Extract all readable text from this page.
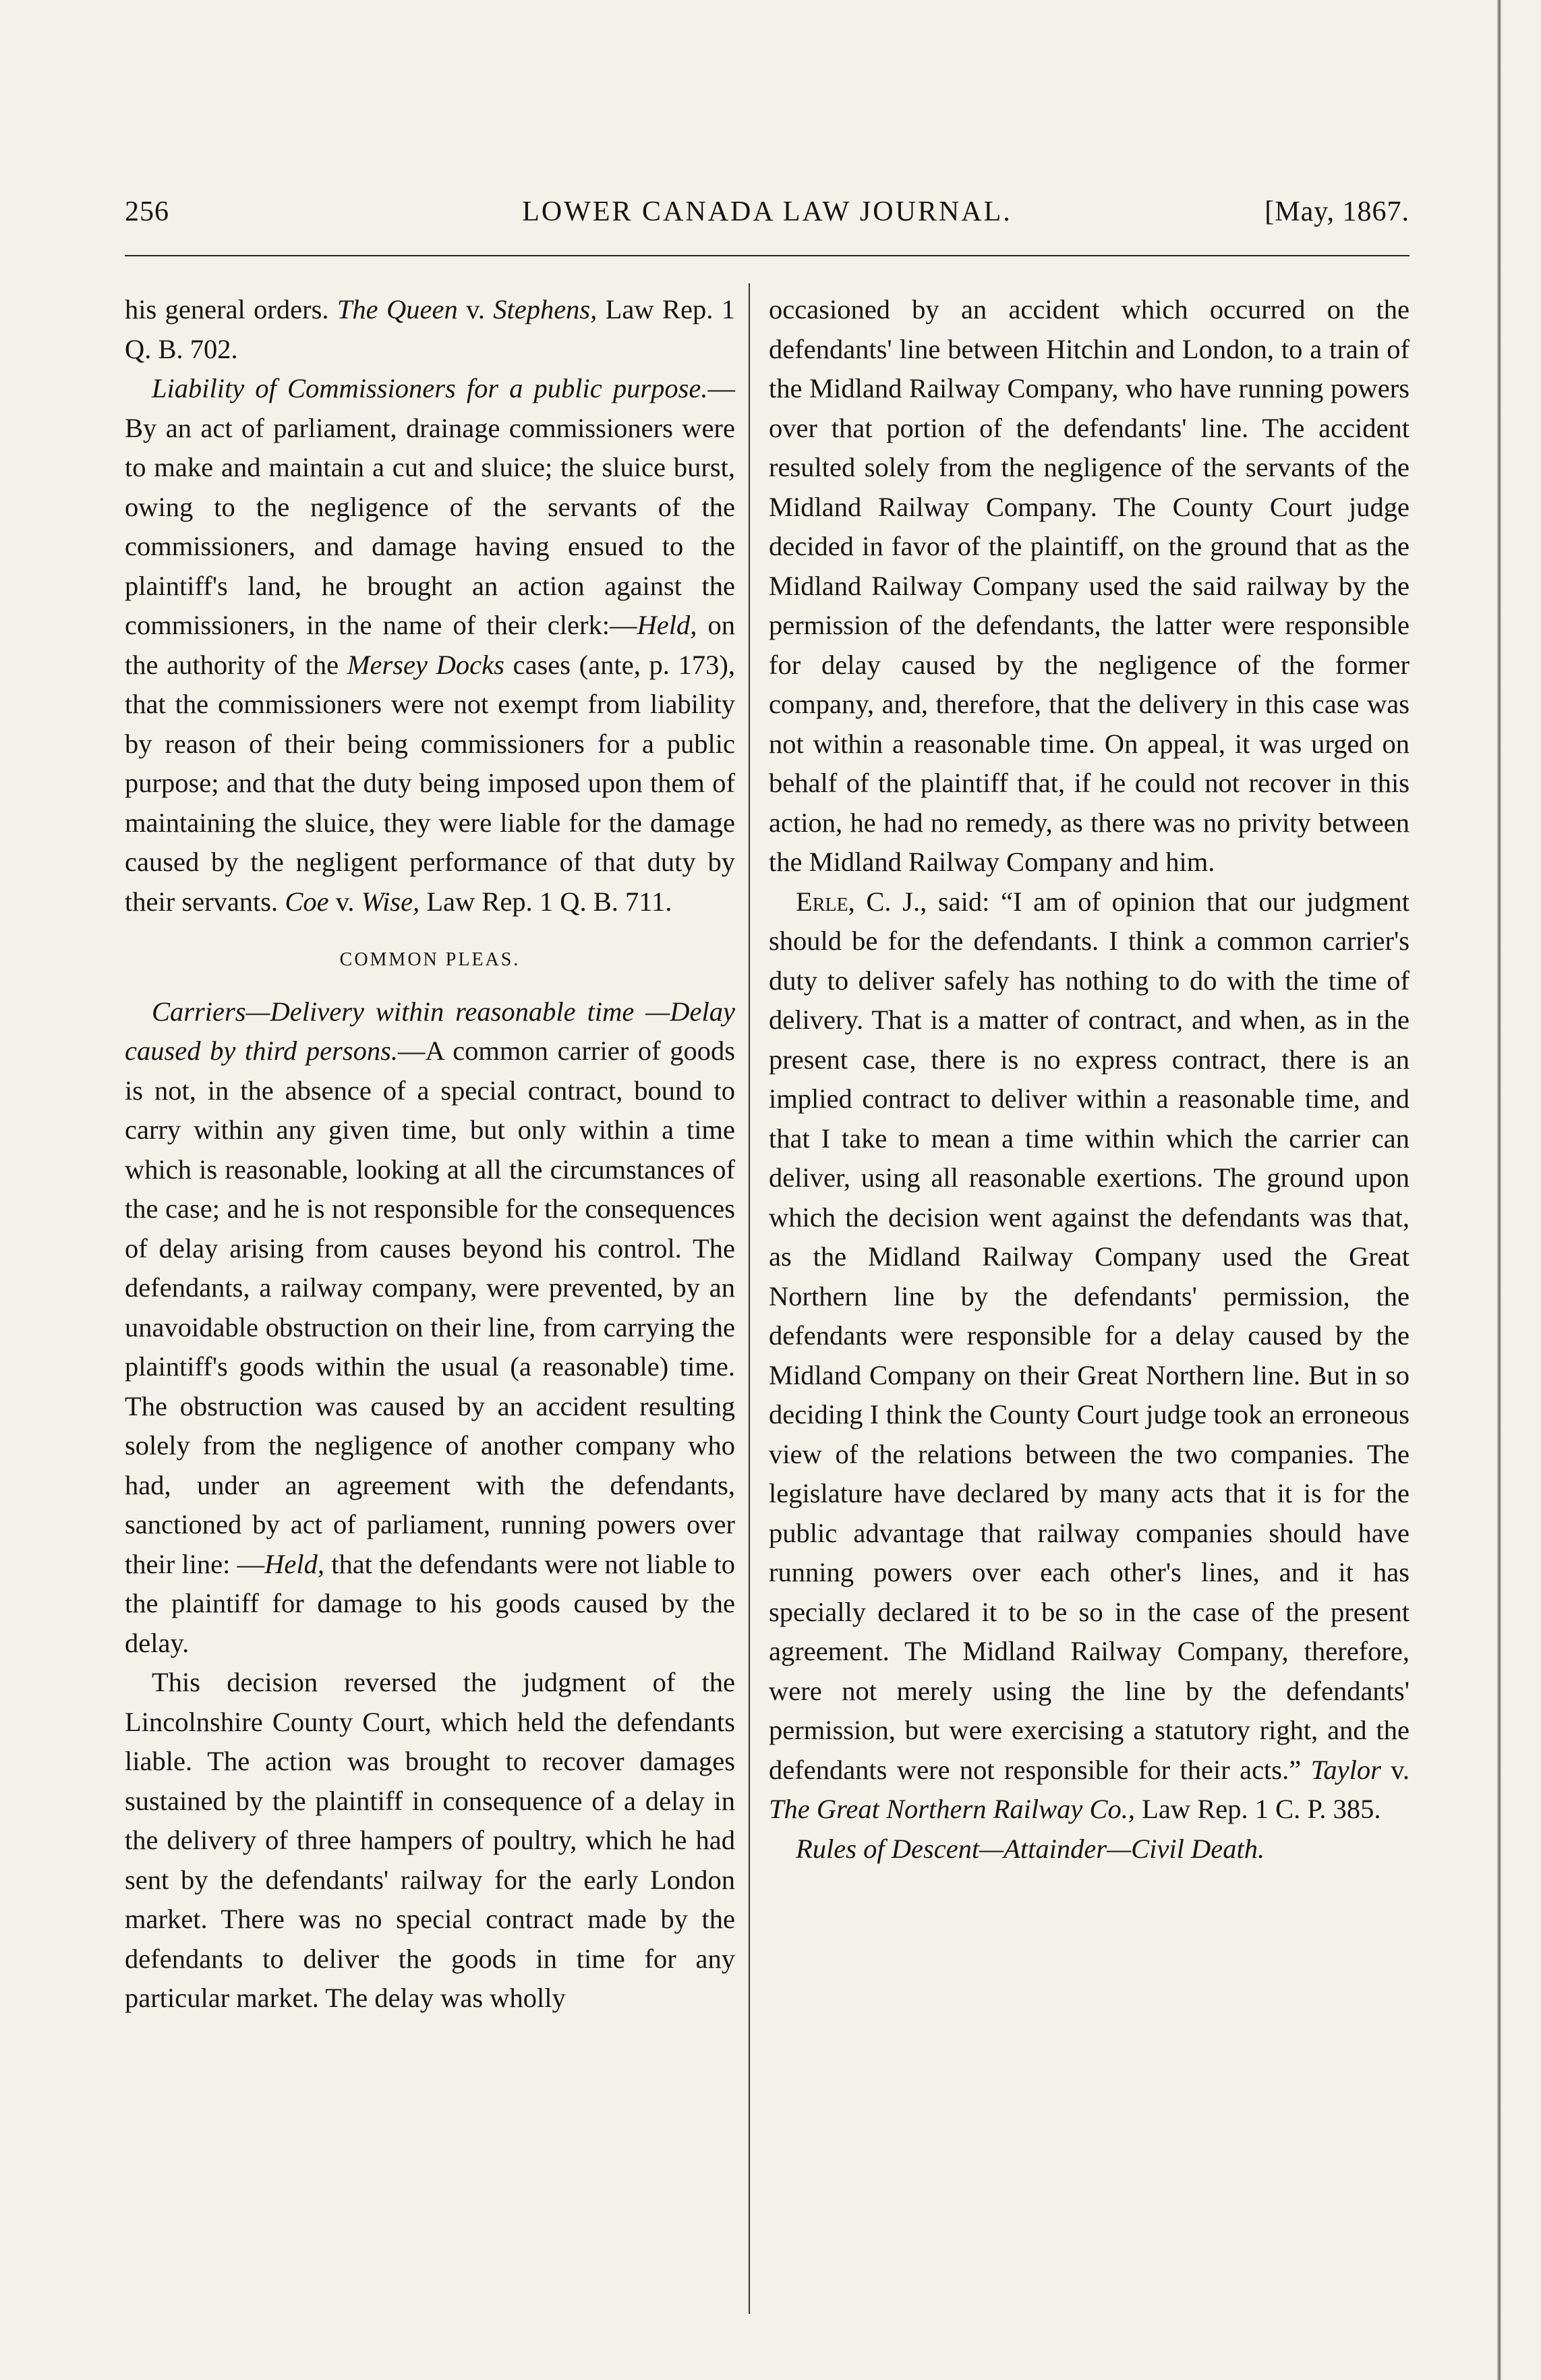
256	LOWER CANADA LAW JOURNAL.	[May, 1867.

his general orders. The Queen v. Stephens, Law Rep. 1 Q. B. 702.

Liability of Commissioners for a public purpose.—By an act of parliament, drainage commissioners were to make and maintain a cut and sluice; the sluice burst, owing to the negligence of the servants of the commissioners, and damage having ensued to the plaintiff's land, he brought an action against the commissioners, in the name of their clerk:—Held, on the authority of the Mersey Docks cases (ante, p. 173), that the commissioners were not exempt from liability by reason of their being commissioners for a public purpose; and that the duty being imposed upon them of maintaining the sluice, they were liable for the damage caused by the negligent performance of that duty by their servants. Coe v. Wise, Law Rep. 1 Q. B. 711.

COMMON PLEAS.

Carriers—Delivery within reasonable time —Delay caused by third persons.—A common carrier of goods is not, in the absence of a special contract, bound to carry within any given time, but only within a time which is reasonable, looking at all the circumstances of the case; and he is not responsible for the consequences of delay arising from causes beyond his control. The defendants, a railway company, were prevented, by an unavoidable obstruction on their line, from carrying the plaintiff's goods within the usual (a reasonable) time. The obstruction was caused by an accident resulting solely from the negligence of another company who had, under an agreement with the defendants, sanctioned by act of parliament, running powers over their line: —Held, that the defendants were not liable to the plaintiff for damage to his goods caused by the delay.

This decision reversed the judgment of the Lincolnshire County Court, which held the defendants liable. The action was brought to recover damages sustained by the plaintiff in consequence of a delay in the delivery of three hampers of poultry, which he had sent by the defendants' railway for the early London market. There was no special contract made by the defendants to deliver the goods in time for any particular market. The delay was wholly

occasioned by an accident which occurred on the defendants' line between Hitchin and London, to a train of the Midland Railway Company, who have running powers over that portion of the defendants' line. The accident resulted solely from the negligence of the servants of the Midland Railway Company. The County Court judge decided in favor of the plaintiff, on the ground that as the Midland Railway Company used the said railway by the permission of the defendants, the latter were responsible for delay caused by the negligence of the former company, and, therefore, that the delivery in this case was not within a reasonable time. On appeal, it was urged on behalf of the plaintiff that, if he could not recover in this action, he had no remedy, as there was no privity between the Midland Railway Company and him.

Erle, C. J., said: “I am of opinion that our judgment should be for the defendants. I think a common carrier's duty to deliver safely has nothing to do with the time of delivery. That is a matter of contract, and when, as in the present case, there is no express contract, there is an implied contract to deliver within a reasonable time, and that I take to mean a time within which the carrier can deliver, using all reasonable exertions. The ground upon which the decision went against the defendants was that, as the Midland Railway Company used the Great Northern line by the defendants' permission, the defendants were responsible for a delay caused by the Midland Company on their Great Northern line. But in so deciding I think the County Court judge took an erroneous view of the relations between the two companies. The legislature have declared by many acts that it is for the public advantage that railway companies should have running powers over each other's lines, and it has specially declared it to be so in the case of the present agreement. The Midland Railway Company, therefore, were not merely using the line by the defendants' permission, but were exercising a statutory right, and the defendants were not responsible for their acts.” Taylor v. The Great Northern Railway Co., Law Rep. 1 C. P. 385.

Rules of Descent—Attainder—Civil Death.
